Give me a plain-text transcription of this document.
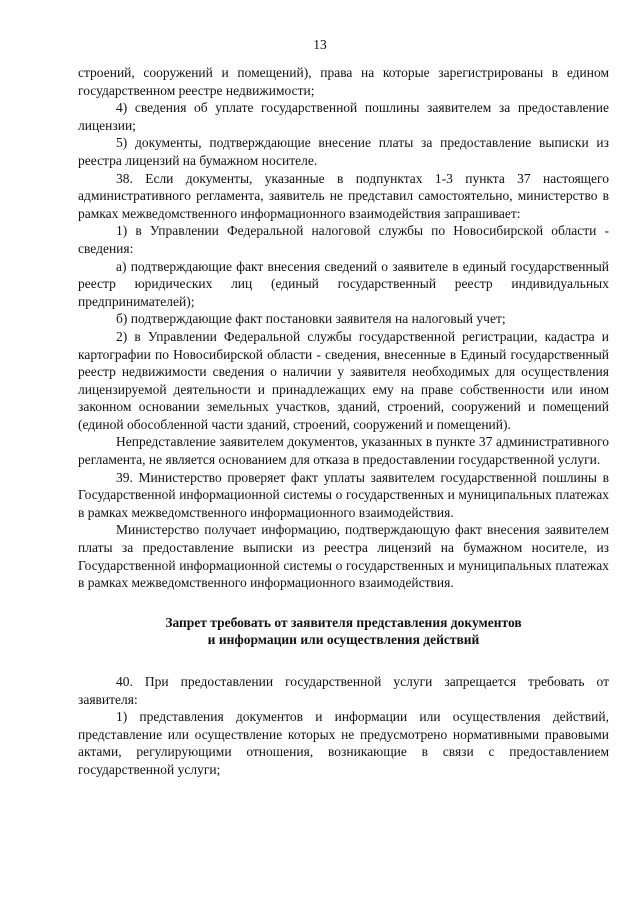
13

строений, сооружений и помещений), права на которые зарегистрированы в едином государственном реестре недвижимости;

4) сведения об уплате государственной пошлины заявителем за предоставление лицензии;

5) документы, подтверждающие внесение платы за предоставление выписки из реестра лицензий на бумажном носителе.

38. Если документы, указанные в подпунктах 1-3 пункта 37 настоящего административного регламента, заявитель не представил самостоятельно, министерство в рамках межведомственного информационного взаимодействия запрашивает:

1) в Управлении Федеральной налоговой службы по Новосибирской области - сведения:

а) подтверждающие факт внесения сведений о заявителе в единый государственный реестр юридических лиц (единый государственный реестр индивидуальных предпринимателей);

б) подтверждающие факт постановки заявителя на налоговый учет;

2) в Управлении Федеральной службы государственной регистрации, кадастра и картографии по Новосибирской области - сведения, внесенные в Единый государственный реестр недвижимости сведения о наличии у заявителя необходимых для осуществления лицензируемой деятельности и принадлежащих ему на праве собственности или ином законном основании земельных участков, зданий, строений, сооружений и помещений (единой обособленной части зданий, строений, сооружений и помещений).

Непредставление заявителем документов, указанных в пункте 37 административного регламента, не является основанием для отказа в предоставлении государственной услуги.

39. Министерство проверяет факт уплаты заявителем государственной пошлины в Государственной информационной системы о государственных и муниципальных платежах в рамках межведомственного информационного взаимодействия.

Министерство получает информацию, подтверждающую факт внесения заявителем платы за предоставление выписки из реестра лицензий на бумажном носителе, из Государственной информационной системы о государственных и муниципальных платежах в рамках межведомственного информационного взаимодействия.

Запрет требовать от заявителя представления документов
и информации или осуществления действий

40. При предоставлении государственной услуги запрещается требовать от заявителя:

1) представления документов и информации или осуществления действий, представление или осуществление которых не предусмотрено нормативными правовыми актами, регулирующими отношения, возникающие в связи с предоставлением государственной услуги;
